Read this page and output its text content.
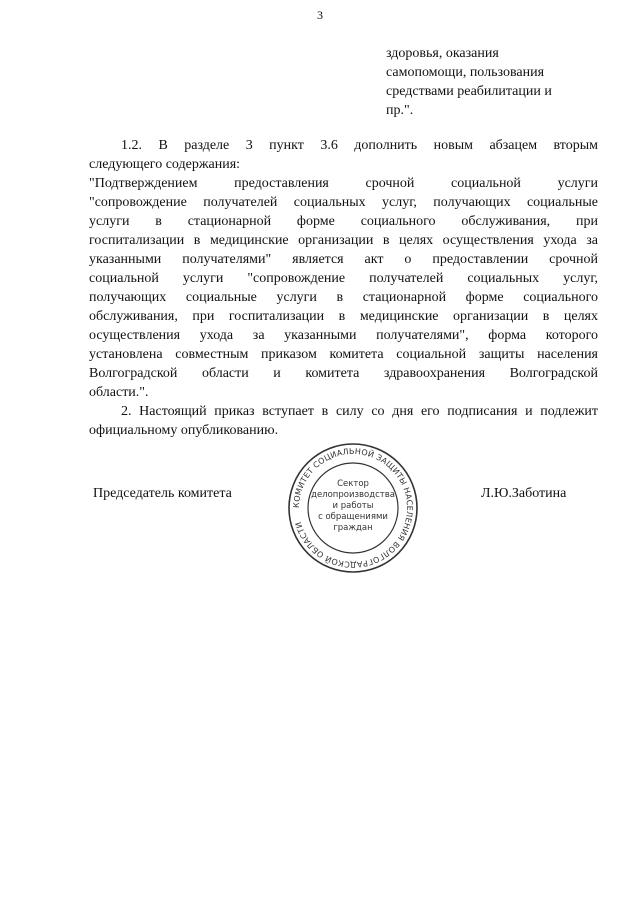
3
здоровья, оказания
самопомощи, пользования
средствами реабилитации и
пр.".
1.2. В разделе 3 пункт 3.6 дополнить новым абзацем вторым
следующего содержания:
"Подтверждением предоставления срочной социальной услуги
"сопровождение получателей социальных услуг, получающих социальные
услуги в стационарной форме социального обслуживания, при
госпитализации в медицинские организации в целях осуществления ухода за
указанными получателями" является акт о предоставлении срочной
социальной услуги "сопровождение получателей социальных услуг,
получающих социальные услуги в стационарной форме социального
обслуживания, при госпитализации в медицинские организации в целях
осуществления ухода за указанными получателями", форма которого
установлена совместным приказом комитета социальной защиты населения
Волгоградской области и комитета здравоохранения Волгоградской
области.".
2. Настоящий приказ вступает в силу со дня его подписания и подлежит
официальному опубликованию.
Председатель комитета	Л.Ю.Заботина
КОМИТЕТ СОЦИАЛЬНОЙ ЗАЩИТЫ НАСЕЛЕНИЯ ВОЛГОГРАДСКОЙ ОБЛАСТИ
Сектор
делопроизводства
и работы
с обращениями
граждан
